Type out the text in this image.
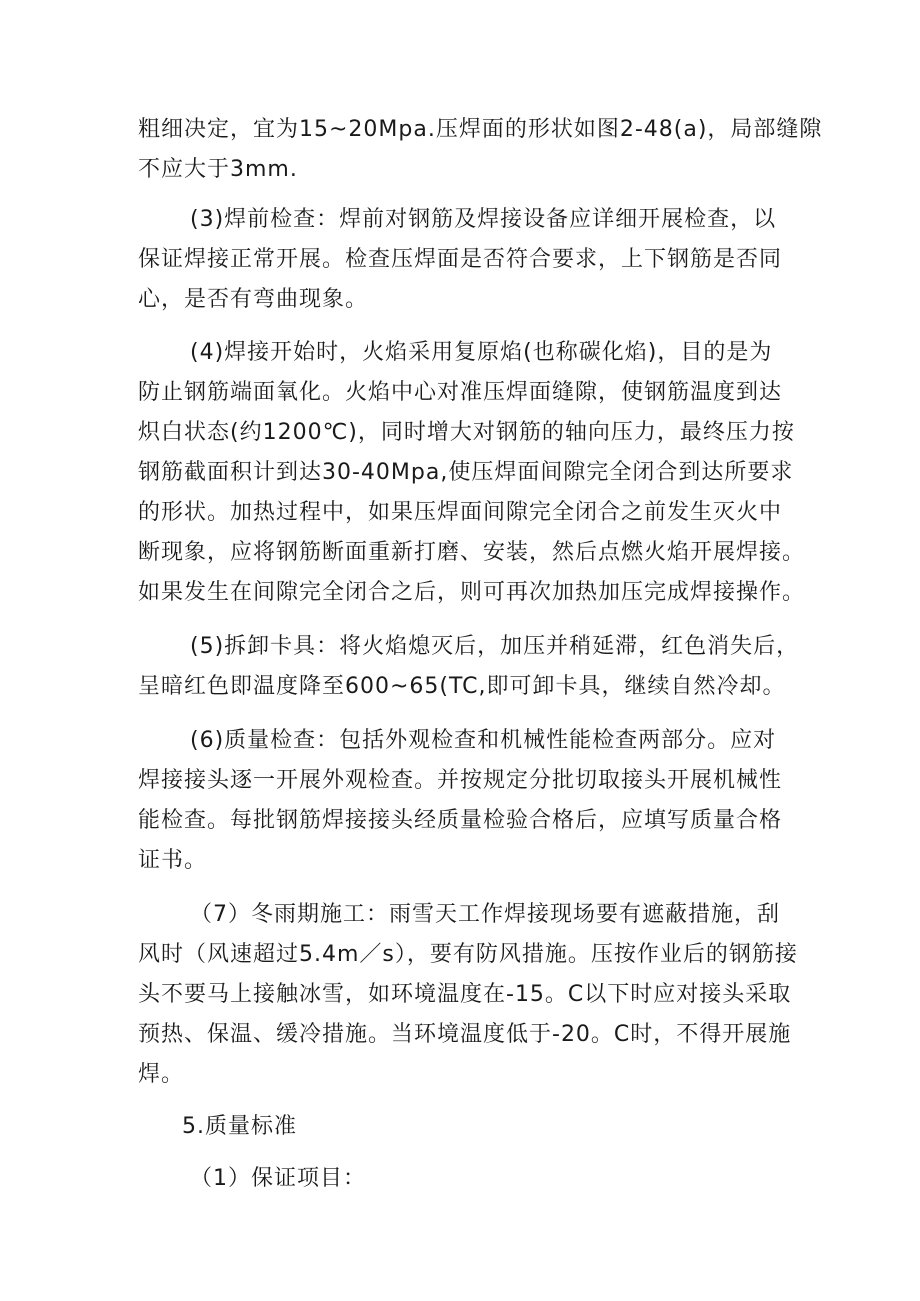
粗细决定，宜为15~20Mpa.压焊面的形状如图2-48(a)，局部缝隙
不应大于3mm.
(3)焊前检查：焊前对钢筋及焊接设备应详细开展检查，以
保证焊接正常开展。检查压焊面是否符合要求，上下钢筋是否同
心，是否有弯曲现象。
(4)焊接开始时，火焰采用复原焰(也称碳化焰)，目的是为
防止钢筋端面氧化。火焰中心对准压焊面缝隙，使钢筋温度到达
炽白状态(约1200℃)，同时增大对钢筋的轴向压力，最终压力按
钢筋截面积计到达30-40Mpa,使压焊面间隙完全闭合到达所要求
的形状。加热过程中，如果压焊面间隙完全闭合之前发生灭火中
断现象，应将钢筋断面重新打磨、安装，然后点燃火焰开展焊接。
如果发生在间隙完全闭合之后，则可再次加热加压完成焊接操作。
(5)拆卸卡具：将火焰熄灭后，加压并稍延滞，红色消失后，
呈暗红色即温度降至600~65(TC,即可卸卡具，继续自然冷却。
(6)质量检查：包括外观检查和机械性能检查两部分。应对
焊接接头逐一开展外观检查。并按规定分批切取接头开展机械性
能检查。每批钢筋焊接接头经质量检验合格后，应填写质量合格
证书。
（7）冬雨期施工：雨雪天工作焊接现场要有遮蔽措施，刮
风时（风速超过5.4m／s），要有防风措施。压按作业后的钢筋接
头不要马上接触冰雪，如环境温度在-15。C以下时应对接头采取
预热、保温、缓冷措施。当环境温度低于-20。C时，不得开展施
焊。
5.质量标准
（1）保证项目：
